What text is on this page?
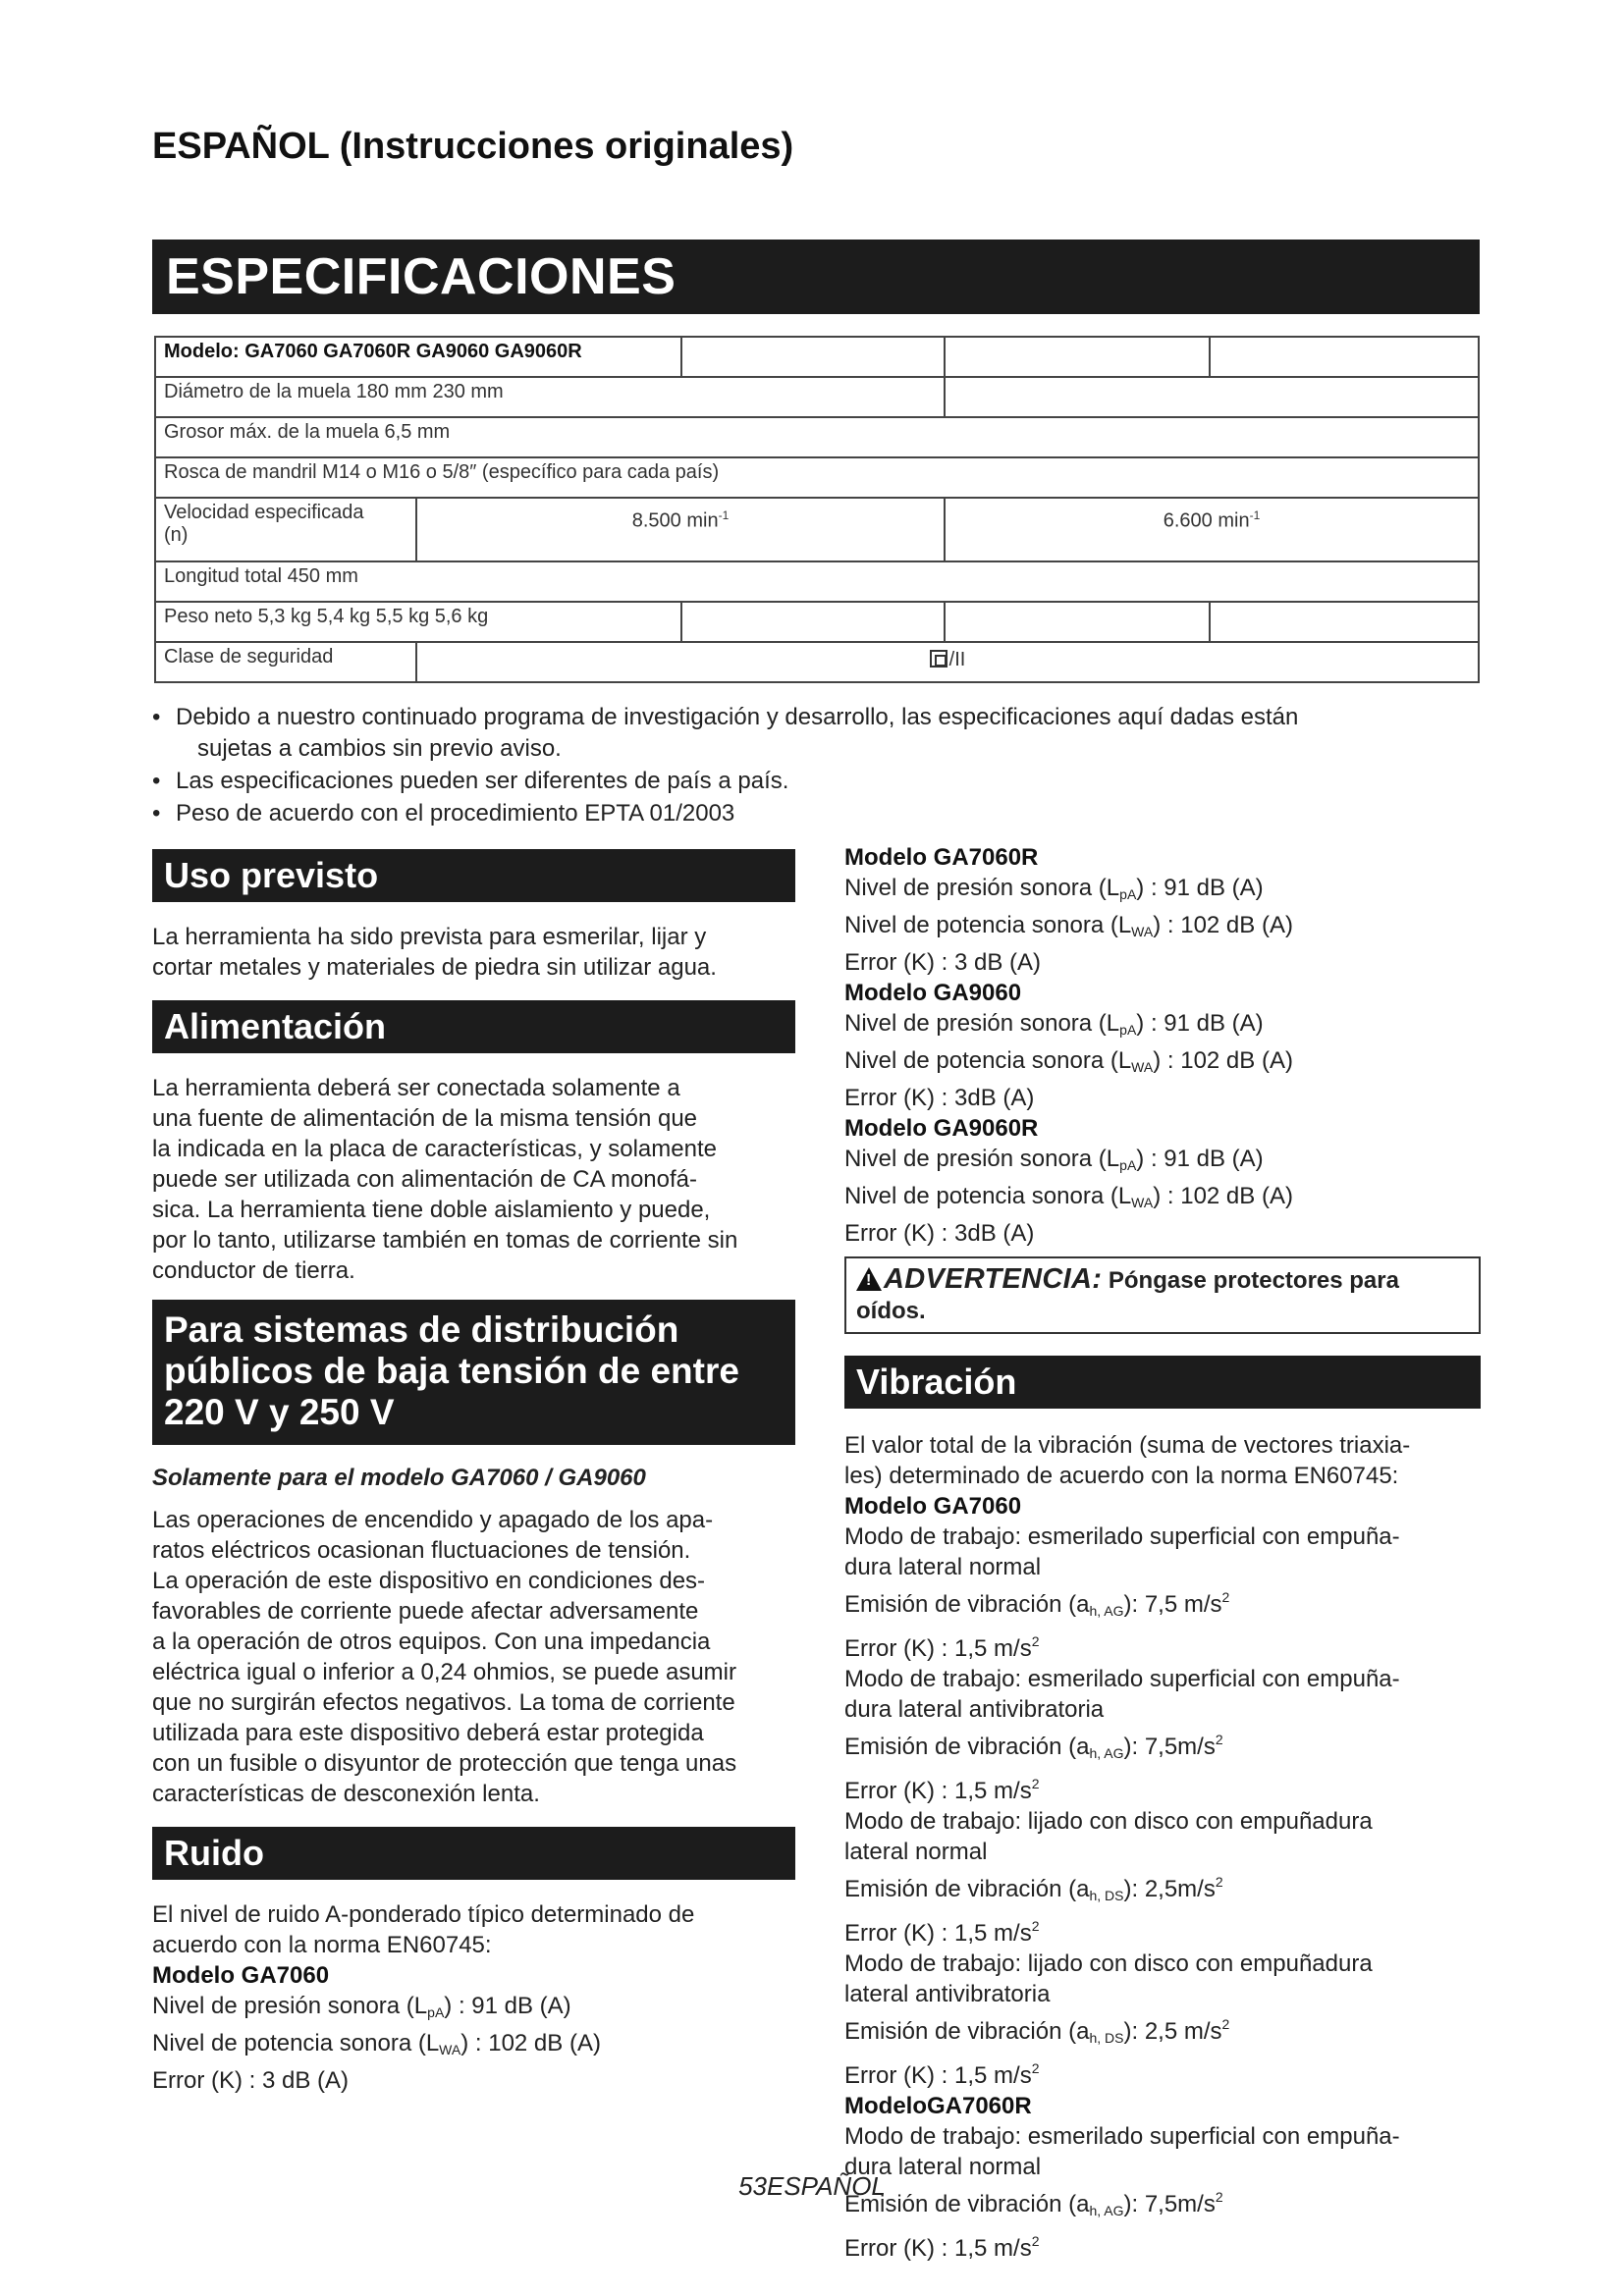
ESPAÑOL (Instrucciones originales)
ESPECIFICACIONES
Modelo: GA7060 GA7060R GA9060 GA9060R				
Diámetro de la muela 180 mm 230 mm				
Grosor máx. de la muela 6,5 mm				
Rosca de mandril M14 o M16 o 5/8″ (específico para cada país)				
Velocidad especificada
(n)	8.500 $\min^{-1}$		6.600 $\min^{-1}$
Longitud total 450 mm				
Peso neto 5,3 kg 5,4 kg 5,5 kg 5,6 kg				
Clase de seguridad	/II			
• Debido a nuestro continuado programa de investigación y desarrollo, las especificaciones aquí dadas están
sujetas a cambios sin previo aviso.
• Las especificaciones pueden ser diferentes de país a país.
• Peso de acuerdo con el procedimiento EPTA 01/2003
Uso previsto
La herramienta ha sido prevista para esmerilar, lijar y
cortar metales y materiales de piedra sin utilizar agua.
Alimentación
La herramienta deberá ser conectada solamente a
una fuente de alimentación de la misma tensión que
la indicada en la placa de características, y solamente
puede ser utilizada con alimentación de CA monofá-
sica. La herramienta tiene doble aislamiento y puede,
por lo tanto, utilizarse también en tomas de corriente sin
conductor de tierra.
Para sistemas de distribución
públicos de baja tensión de entre
220 V y 250 V
Solamente para el modelo GA7060 / GA9060
Las operaciones de encendido y apagado de los apa-
ratos eléctricos ocasionan fluctuaciones de tensión.
La operación de este dispositivo en condiciones des-
favorables de corriente puede afectar adversamente
a la operación de otros equipos. Con una impedancia
eléctrica igual o inferior a 0,24 ohmios, se puede asumir
que no surgirán efectos negativos. La toma de corriente
utilizada para este dispositivo deberá estar protegida
con un fusible o disyuntor de protección que tenga unas
características de desconexión lenta.
Ruido
El nivel de ruido A-ponderado típico determinado de
acuerdo con la norma EN60745:
Modelo GA7060
Nivel de presión sonora $(L_{pA})$ : 91 dB (A)
Nivel de potencia sonora $(L_{WA})$ : 102 dB (A)
Error (K) : 3 dB (A)
Modelo GA7060R
Nivel de presión sonora $(L_{pA})$ : 91 dB (A)
Nivel de potencia sonora $(L_{WA})$ : 102 dB (A)
Error (K) : 3 dB (A)
Modelo GA9060
Nivel de presión sonora $(L_{pA})$ : 91 dB (A)
Nivel de potencia sonora $(L_{WA})$ : 102 dB (A)
Error (K) : 3dB (A)
Modelo GA9060R
Nivel de presión sonora $(L_{pA})$ : 91 dB (A)
Nivel de potencia sonora $(L_{WA})$ : 102 dB (A)
Error (K) : 3dB (A)
!ADVERTENCIA: Póngase protectores para
oídos.
Vibración
El valor total de la vibración (suma de vectores triaxia-
les) determinado de acuerdo con la norma EN60745:
Modelo GA7060
Modo de trabajo: esmerilado superficial con empuña-
dura lateral normal
Emisión de vibración $(a_{h, AG})$: 7,5 $m/s^2$
Error (K) : 1,5 $m/s^2$
Modo de trabajo: esmerilado superficial con empuña-
dura lateral antivibratoria
Emisión de vibración $(a_{h, AG})$: $7,5m/s^2$
Error (K) : 1,5 $m/s^2$
Modo de trabajo: lijado con disco con empuñadura
lateral normal
Emisión de vibración $(a_{h, DS})$: $2,5m/s^2$
Error (K) : 1,5 $m/s^2$
Modo de trabajo: lijado con disco con empuñadura
lateral antivibratoria
Emisión de vibración $(a_{h, DS})$: 2,5 $m/s^2$
Error (K) : 1,5 $m/s^2$
ModeloGA7060R
Modo de trabajo: esmerilado superficial con empuña-
dura lateral normal
Emisión de vibración $(a_{h, AG})$: $7,5m/s^2$
Error (K) : 1,5 $m/s^2$
53ESPAÑOL
